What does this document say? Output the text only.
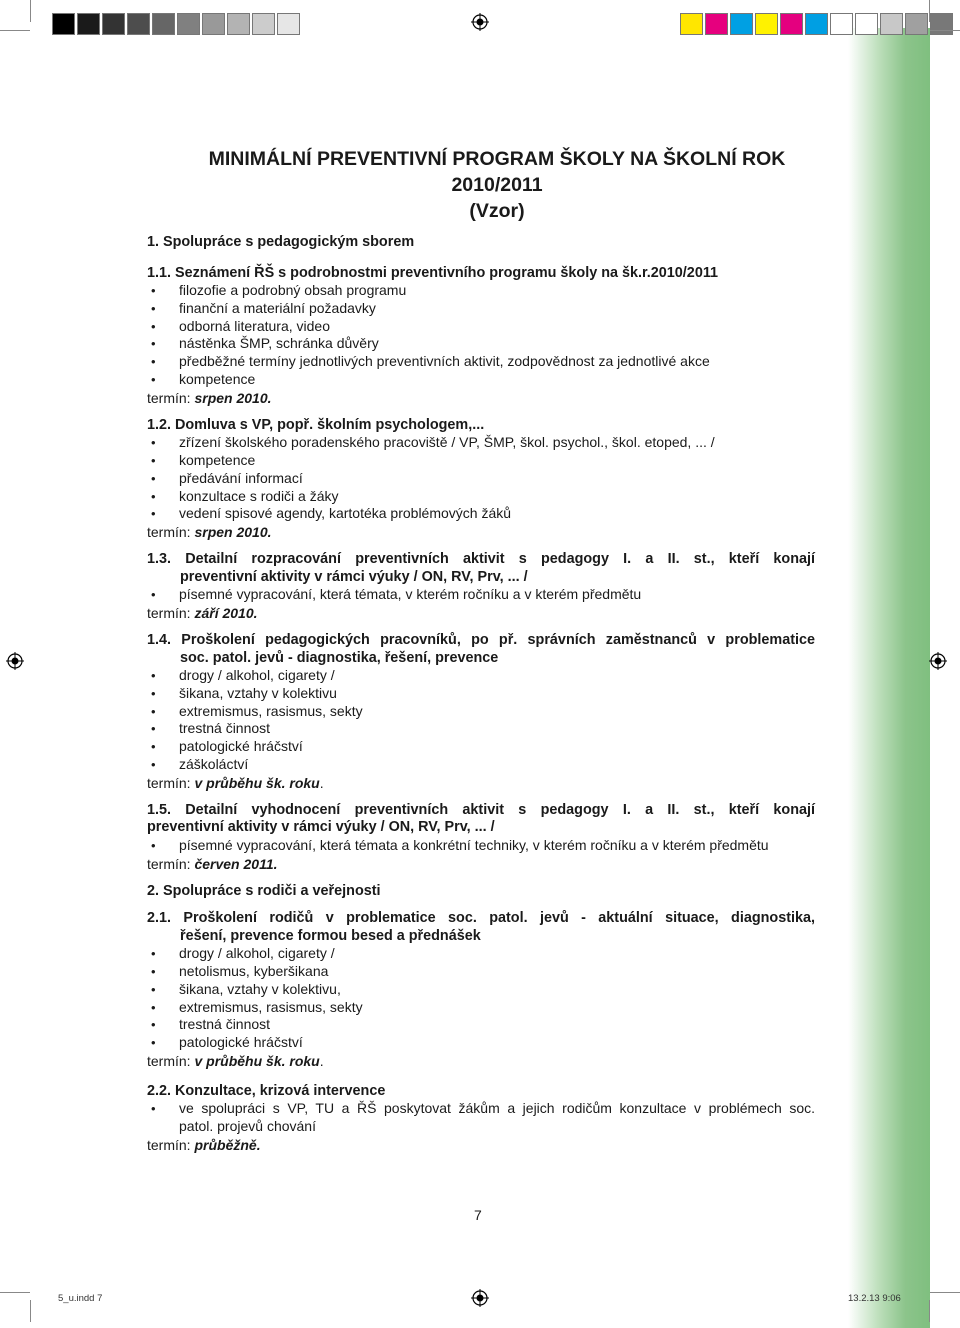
MINIMÁLNÍ PREVENTIVNÍ PROGRAM ŠKOLY NA ŠKOLNÍ ROK 2010/2011
(Vzor)
1. Spolupráce s pedagogickým sborem
1.1. Seznámení ŘŠ s podrobnostmi preventivního programu školy na šk.r.2010/2011
• filozofie a podrobný obsah programu
• finanční a materiální požadavky
• odborná literatura, video
• nástěnka ŠMP, schránka důvěry
• předběžné termíny jednotlivých preventivních aktivit, zodpovědnost za jednotlivé akce
• kompetence
termín: srpen 2010.
1.2. Domluva s VP, popř. školním psychologem,...
• zřízení školského poradenského pracoviště / VP, ŠMP, škol. psychol., škol. etoped, ... /
• kompetence
• předávání informací
• konzultace s rodiči a žáky
• vedení spisové agendy, kartotéka problémových žáků
termín: srpen 2010.
1.3. Detailní rozpracování preventivních aktivit s pedagogy I. a II. st., kteří konají
preventivní aktivity v rámci výuky / ON, RV, Prv, ... /
• písemné vypracování, která témata, v kterém ročníku a v kterém předmětu
termín: září 2010.
1.4. Proškolení pedagogických pracovníků, po př. správních zaměstnanců v problematice
soc. patol. jevů - diagnostika, řešení, prevence
• drogy / alkohol, cigarety /
• šikana, vztahy v kolektivu
• extremismus, rasismus, sekty
• trestná činnost
• patologické hráčství
• záškoláctví
termín: v průběhu šk. roku.
1.5. Detailní vyhodnocení preventivních aktivit s pedagogy I. a II. st., kteří konají
preventivní aktivity v rámci výuky / ON, RV, Prv, ... /
• písemné vypracování, která témata a konkrétní techniky, v kterém ročníku a v kterém předmětu
termín: červen 2011.
2. Spolupráce s rodiči a veřejnosti
2.1. Proškolení rodičů v problematice soc. patol. jevů - aktuální situace, diagnostika,
řešení, prevence formou besed a přednášek
• drogy / alkohol, cigarety /
• netolismus, kyberšikana
• šikana, vztahy v kolektivu,
• extremismus, rasismus, sekty
• trestná činnost
• patologické hráčství
termín: v průběhu šk. roku.
2.2. Konzultace, krizová intervence
• ve spolupráci s VP, TU a ŘŠ poskytovat žákům a jejich rodičům konzultace v problémech soc.
patol. projevů chování
termín: průběžně.
7
5_u.indd 7	13.2.13 9:06
